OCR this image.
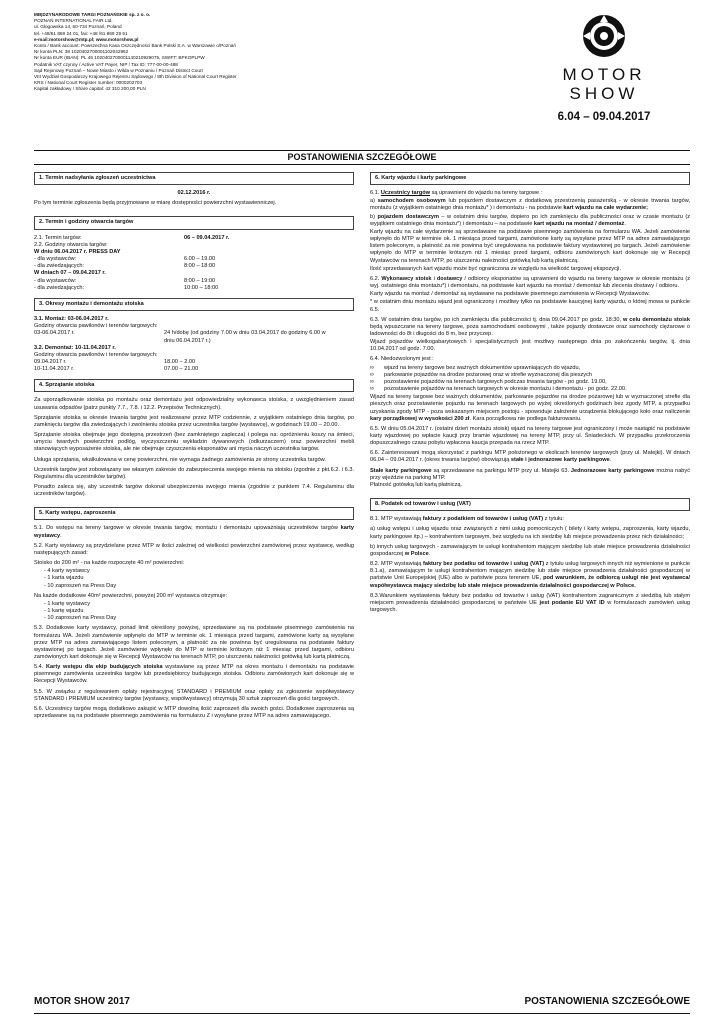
MIĘDZYNARODOWE TARGI POZNAŃSKIE sp. z o. o.
POZNAŃ INTERNATIONAL FAIR Ltd.
ul. Głogowska 14, 60-734 Poznań, Poland
tel. +48/61 869 24 01, fax: +48 /61 869 29 51
e-mail:motorshow@mtp.pl; www.motorshow.pl
Konto / Bank account: Powszechna Kasa Oszczędności Bank Polski S.A. w Warszawie o/Poznań
Nr konta PLN: 38 1020402700001102042962
Nr konta EUR (IBAN): PL 46 1020402700001140210929075, SWIFT: BPKOPLPW
Podatnik VAT czynny / Active VAT Payer, NIP / Tax ID: 777-00-00-488
Sąd Rejonowy Poznań – Nowe Miasto i Wilda w Poznaniu / Poznań District Court
VIII Wydział Gospodarczy Krajowego Rejestru Sądowego / 8th Division of National Court Register
KRS / National Court Register number: 0000202703
Kapitał zakładowy / Share capital: 42 310 200,00 PLN
MOTOR
SHOW
6.04 – 09.04.2017
POSTANOWIENIA SZCZEGÓŁOWE
1. Termin nadsyłania zgłoszeń uczestnictwa
02.12.2016 r.
Po tym terminie zgłoszenia będą przyjmowane w miarę dostępności powierzchni wystawienniczej.
2. Termin i godziny otwarcia targów
2.1. Termin targów:	06 – 09.04.2017 r.
2.2. Godziny otwarcia targów:
W dniu 06.04.2017 r. PRESS DAY
- dla wystawców:	6.00 – 19.00
- dla zwiedzających:	8:00 – 18:00
W dniach 07 – 09.04.2017 r.
- dla wystawców:	8:00 – 19:00
- dla zwiedzających:	10:00 – 18:00
3. Okresy montażu i demontażu stoiska
3.1. Montaż: 03-06.04.2017 r.
Godziny otwarcia pawilonów i terenów targowych:
03-06.04.2017 r.	24 h/dobę (od godziny 7.00 w dniu 03.04.2017 do godziny 6.00 w dniu 06.04.2017 r.)
3.2. Demontaż: 10-11.04.2017 r.
Godziny otwarcia pawilonów i terenów targowych:
09.04.2017 r.	18.00 – 2.00
10-11.04.2017 r.	07.00 – 21.00
4. Sprzątanie stoiska
Za uporządkowanie stoiska po montażu oraz demontażu jest odpowiedzialny wykonawca stoiska, z uwzględnieniem zasad usuwania odpadów (patrz punkty 7.7., 7.8. i 12.2. Przepisów Technicznych).
Sprzątanie stoiska w okresie trwania targów jest realizowane przez MTP codziennie, z wyjątkiem ostatniego dnia targów, po zamknięciu targów dla zwiedzających i zwolnieniu stoiska przez uczestnika targów (wystawcę), w godzinach 19.00 – 20.00.
Sprzątanie stoiska obejmuje jego dostępną przestrzeń (bez zamkniętego zaplecza) i polega na: opróżnieniu koszy na śmieci, umyciu twardych powierzchni podłóg, wyczyszczeniu wykładzin dywanowych (odkurzaczem) oraz powierzchni mebli stanowiących wyposażenie stoiska, ale nie obejmuje czyszczenia eksponatów ani mycia naczyń uczestnika targów.
Usługa sprzątania, wkalkulowana w cenę powierzchni, nie wymaga żadnego zamówienia ze strony uczestnika targów.
Uczestnik targów jest zobowiązany we własnym zakresie do zabezpieczenia swojego mienia na stoisku (zgodnie z pkt.6.2. i 6.3. Regulaminu dla uczestników targów).
Ponadto zaleca się, aby uczestnik targów dokonał ubezpieczenia swojego mienia (zgodnie z punktem 7.4. Regulaminu dla uczestników targów).
5. Karty wstępu, zaproszenia
5.1. Do wstępu na tereny targowe w okresie trwania targów, montażu i demontażu upoważniają uczestników targów karty wystawcy.
5.2. Karty wystawcy są przydzielane przez MTP w ilości zależnej od wielkości powierzchni zamówionej przez wystawcę, według następujących zasad:
Stoisko do 200 m² - na każde rozpoczęte 40 m² powierzchni:
- 4 karty wystawcy
- 1 karta wjazdu
- 10 zaproszeń na Press Day
Na każde dodatkowe 40m² powierzchni, powyżej 200 m² wystawca otrzymuje:
- 1 kartę wystawcy
- 1 kartę wjazdu
- 10 zaproszeń na Press Day
5.3. Dodatkowe karty wystawcy, ponad limit określony powyżej, sprzedawane są na podstawie pisemnego zamówienia na formularzu WA. Jeżeli zamówienie wpłynęło do MTP w terminie ok. 1 miesiąca przed targami, zamówione karty są wysyłane przez MTP na adres zamawiającego listem poleconym, a płatność za nie powinna być uregulowana na podstawie faktury wystawionej po targach. Jeżeli zamówienie wpłynęło do MTP w terminie krótszym niż 1 miesiąc przed targami, odbioru zamówionych kart dokonuje się w Recepcji Wystawców na terenach MTP, po uiszczeniu należności gotówką lub kartą płatniczą.
5.4. Karty wstępu dla ekip budujących stoiska wystawiane są przez MTP na okres montażu i demontażu na podstawie pisemnego zamówienia uczestnika targów lub przedsiębiorcy budującego stoiska. Odbioru zamówionych kart dokonuje się w Recepcji Wystawców.
5.5. W związku z regulowaniem opłaty rejestracyjnej STANDARD i PREMIUM oraz opłaty za zgłoszenie współwystawcy STANDARD i PREMIUM uczestnicy targów (wystawcy, współwystawcy) otrzymują 30 sztuk zaproszeń dla gości targowych.
5.6. Uczestnicy targów mogą dodatkowo zakupić w MTP dowolną ilość zaproszeń dla swoich gości. Dodatkowe zaproszenia są sprzedawane są na podstawie pisemnego zamówienia na formularzu Z i wysyłane przez MTP na adres zamawiającego.
6. Karty wjazdu i karty parkingowe
6.1. Uczestnicy targów są uprawnieni do wjazdu na tereny targowe :
a) samochodem osobowym lub pojazdem dostawczym z dodatkową przestrzenią pasażerską - w okresie trwania targów, montażu (z wyjątkiem ostatniego dnia montażu* ) i demontażu - na podstawie kart wjazdu na całe wydarzenie;
b) pojazdem dostawczym – w ostatnim dniu targów, dopiero po ich zamknięciu dla publiczności oraz w czasie montażu (z wyjątkiem ostatniego dnia montażu*) i demontażu – na podstawie kart wjazdu na montaż / demontaż.
Karty wjazdu na całe wydarzenie są sprzedawane na podstawie pisemnego zamówienia na formularzu WA. Jeżeli zamówienie wpłynęło do MTP w terminie ok. 1 miesiąca przed targami, zamówione karty są wysyłane przez MTP na adres zamawiającego listem poleconym, a płatność za nie powinna być uregulowana na podstawie faktury wystawionej po targach. Jeżeli zamówienie wpłynęło do MTP w terminie krótszym niż 1 miesiąc przed targami, odbioru zamówionych kart dokonuje się w Recepcji Wystawców na terenach MTP, po uiszczeniu należności gotówką lub kartą płatniczą.
Ilość sprzedawanych kart wjazdu może być ograniczona ze względu na wielkość targowej ekspozycji.
6.2. Wykonawcy stoisk i dostawcy / odbiorcy eksponatów są uprawnieni do wjazdu na tereny targowe w okresie montażu (z wyj. ostatniego dnia montażu*) i demontażu, na podstawie kart wjazdu na montaż / demontaż lub zlecenia dostawy / odbioru.
Karty wjazdu na montaż / demontaż są wydawane na podstawie pisemnego zamówienia w Recepcji Wystawców.
* w ostatnim dniu montażu wjazd jest ograniczony i możliwy tylko na podstawie kaucyjnej karty wjazdu, o której mowa w punkcie 6.5.
6.3. W ostatnim dniu targów, po ich zamknięciu dla publiczności tj. dnia 09.04.2017 po godz. 18:30, w celu demontażu stoisk będą wpuszczane na tereny targowe, poza samochodami osobowymi , także pojazdy dostawcze oraz samochody ciężarowe o ładowności do 8t i długości do 8 m, bez przyczep.
Wjazd pojazdów wielkogabarytowych i specjalistycznych jest możliwy następnego dnia po zakończeniu targów, tj. dnia 10.04.2017 od godz. 7.00.
6.4. Niedozwolonym jest :
∞	wjazd na tereny targowe bez ważnych dokumentów uprawniających do wjazdu,
∞	parkowanie pojazdów na drodze pożarowej oraz w strefie wyznaczonej dla pieszych
∞	pozostawienie pojazdów na terenach targowych podczas trwania targów - po godz. 19.00,
∞	pozostawienie pojazdów na terenach targowych w okresie montażu i demontażu - po godz. 22.00.
Wjazd na tereny targowe bez ważnych dokumentów, parkowanie pojazdów na drodze pożarowej lub w wyznaczonej strefie dla pieszych oraz pozostawienie pojazdu na terenach targowych po wyżej określonych godzinach bez zgody MTP, a przypadku uzyskania zgody MTP - poza wskazanym miejscem postoju - spowoduje założenie urządzenia blokującego koło oraz naliczenie kary porządkowej w wysokości 200 zł. Kara porządkowa nie podlega fakturowaniu.
6.5. W dniu 05.04.2017 r. (ostatni dzień montażu stoisk) wjazd na tereny targowe jest ograniczony i może nastąpić na podstawie karty wjazdowej po wpłacie kaucji przy bramie wjazdowej na tereny MTP, przy ul. Śniadeckich. W przypadku przekroczenia dopuszczalnego czasu pobytu wpłacona kaucja przepada na rzecz MTP.
6.6. Zainteresowani mogą skorzystać z parkingu MTP położonego w okolicach terenów targowych (przy ul. Matejki). W dniach 06.04 – 09.04.2017 r. (okres trwania targów) obowiązują stałe i jednorazowe karty parkingowe.
Stałe karty parkingowe są sprzedawane na parkingu MTP przy ul. Matejki 63. Jednorazowe karty parkingowe można nabyć przy wjeździe na parking MTP.
Płatność gotówką lub kartą płatniczą.
8. Podatek od towarów i usług (VAT)
8.1. MTP wystawiają faktury z podatkiem od towarów i usług (VAT) z tytułu:
a) usług wstępu i usług wjazdu oraz związanych z nimi usług pomocniczych ( bilety i karty wstępu, zaproszenia, karty wjazdu, karty parkingowe itp.) – kontrahentom targowym, bez względu na ich siedzibę lub miejsce prowadzenia przez nich działalności;
b) innych usług targowych - zamawiającym te usługi kontrahentom mającym siedzibę lub stałe miejsce prowadzenia działalności gospodarczej w Polsce.
8.2. MTP wystawiają faktury bez podatku od towarów i usług (VAT) z tytułu usług targowych innych niż wymienione w punkcie 8.1.a), zamawiającym te usługi kontrahentom mającym siedzibę lub stałe miejsce prowadzenia działalności gospodarczej w państwie Unii Europejskiej (UE) albo w państwie poza terenem UE, pod warunkiem, że odbiorcą usługi nie jest wystawca/ współwystawca mający siedzibę lub stałe miejsce prowadzenia działalności gospodarczej w Polsce.
8.3.Warunkiem wystawienia faktury bez podatku od towarów i usług (VAT) kontrahentom zagranicznym z siedzibą lub stałym miejscem prowadzenia działalności gospodarczej w państwie UE jest podanie EU VAT ID w formularzach zamówień usług targowych.
MOTOR SHOW 2017	POSTANOWIENIA SZCZEGÓŁOWE
